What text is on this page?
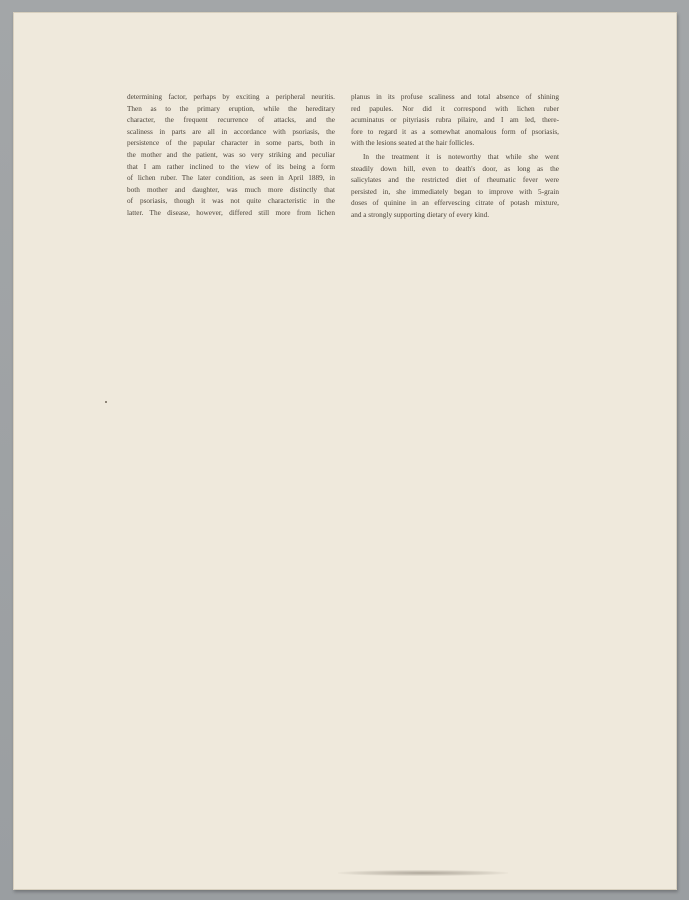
determining factor, perhaps by exciting a peripheral neuritis.
Then as to the primary eruption, while the hereditary
character, the frequent recurrence of attacks, and the
scaliness in parts are all in accordance with psoriasis, the
persistence of the papular character in some parts, both in
the mother and the patient, was so very striking and peculiar
that I am rather inclined to the view of its being a form
of lichen ruber. The later condition, as seen in April 1889, in
both mother and daughter, was much more distinctly that
of psoriasis, though it was not quite characteristic in the
latter. The disease, however, differed still more from lichen

planus in its profuse scaliness and total absence of shining
red papules. Nor did it correspond with lichen ruber
acuminatus or pityriasis rubra pilaire, and I am led, there-
fore to regard it as a somewhat anomalous form of psoriasis,
with the lesions seated at the hair follicles.

In the treatment it is noteworthy that while she went
steadily down hill, even to death's door, as long as the
salicylates and the restricted diet of rheumatic fever were
persisted in, she immediately began to improve with 5-grain
doses of quinine in an effervescing citrate of potash mixture,
and a strongly supporting dietary of every kind.
